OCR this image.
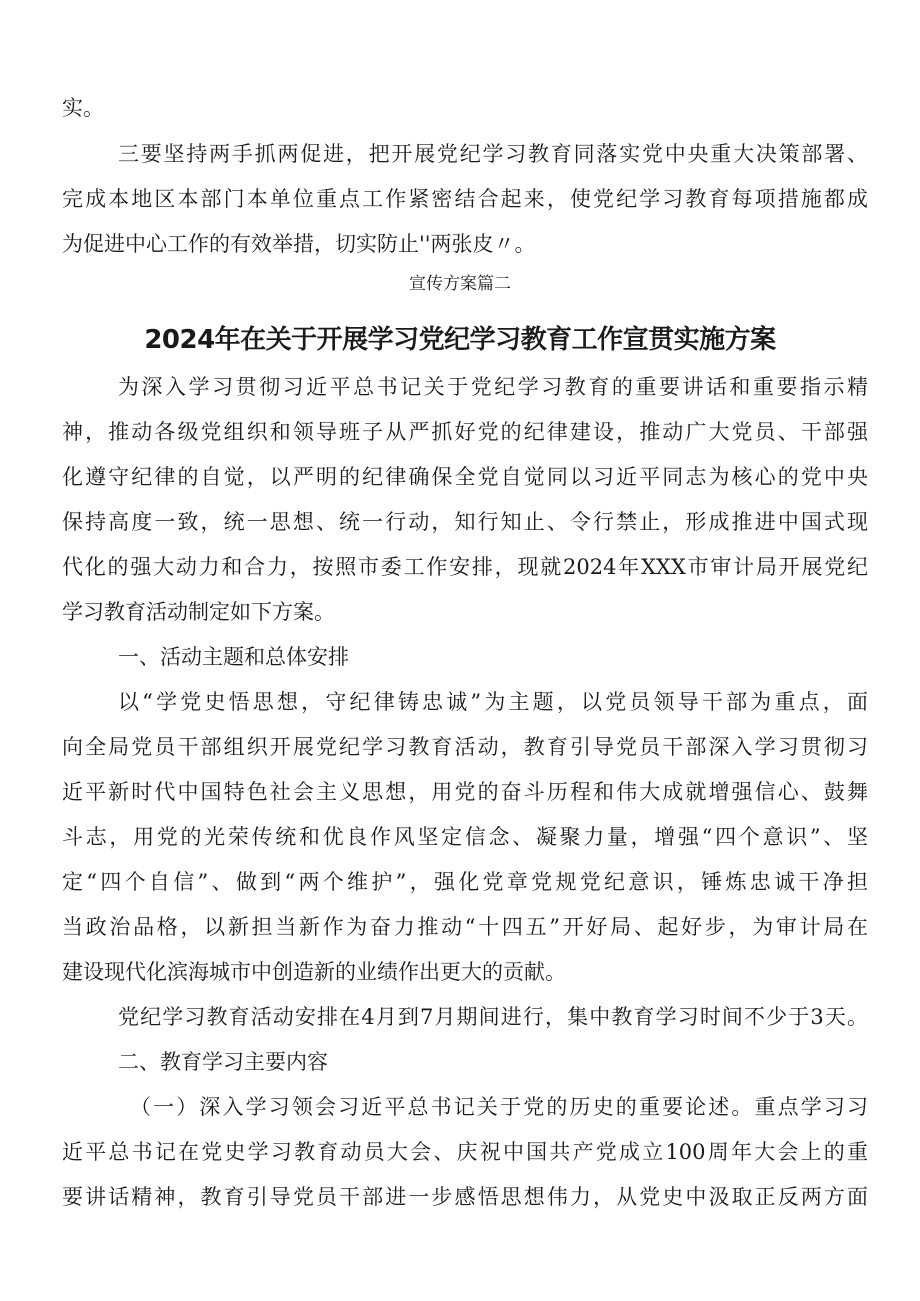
实。
三要坚持两手抓两促进，把开展党纪学习教育同落实党中央重大决策部署、
完成本地区本部门本单位重点工作紧密结合起来，使党纪学习教育每项措施都成
为促进中心工作的有效举措，切实防止''两张皮〃。
宣传方案篇二
2024年在关于开展学习党纪学习教育工作宣贯实施方案
为深入学习贯彻习近平总书记关于党纪学习教育的重要讲话和重要指示精
神，推动各级党组织和领导班子从严抓好党的纪律建设，推动广大党员、干部强
化遵守纪律的自觉，以严明的纪律确保全党自觉同以习近平同志为核心的党中央
保持高度一致，统一思想、统一行动，知行知止、令行禁止，形成推进中国式现
代化的强大动力和合力，按照市委工作安排，现就2024年XXX市审计局开展党纪
学习教育活动制定如下方案。
一、活动主题和总体安排
以“学党史悟思想，守纪律铸忠诚”为主题，以党员领导干部为重点，面
向全局党员干部组织开展党纪学习教育活动，教育引导党员干部深入学习贯彻习
近平新时代中国特色社会主义思想，用党的奋斗历程和伟大成就增强信心、鼓舞
斗志，用党的光荣传统和优良作风坚定信念、凝聚力量，增强“四个意识”、坚
定“四个自信”、做到“两个维护”，强化党章党规党纪意识，锤炼忠诚干净担
当政治品格，以新担当新作为奋力推动“十四五”开好局、起好步，为审计局在
建设现代化滨海城市中创造新的业绩作出更大的贡献。
党纪学习教育活动安排在4月到7月期间进行，集中教育学习时间不少于3天。
二、教育学习主要内容
（一）深入学习领会习近平总书记关于党的历史的重要论述。重点学习习
近平总书记在党史学习教育动员大会、庆祝中国共产党成立100周年大会上的重
要讲话精神，教育引导党员干部进一步感悟思想伟力，从党史中汲取正反两方面
